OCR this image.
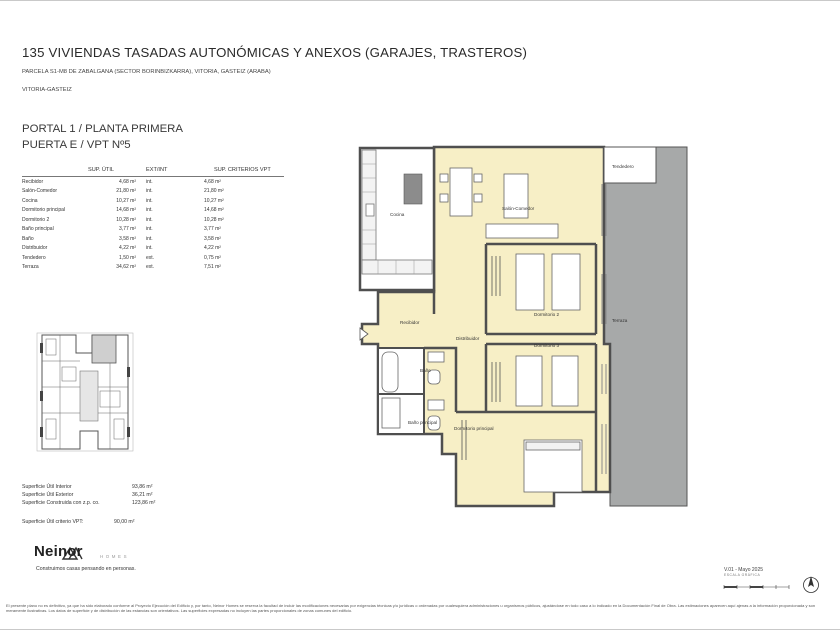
135 VIVIENDAS TASADAS AUTONÓMICAS Y ANEXOS (GARAJES, TRASTEROS)
PARCELA S1-M8 DE ZABALGANA (SECTOR BORINBIZKARRA), VITORIA, GASTEIZ (ARABA)
VITORIA-GASTEIZ
PORTAL 1 / PLANTA PRIMERA
PUERTA E / VPT Nº5
SUP. ÚTIL		EXT/INT	SUP. CRITERIOS VPT
Recibidor	4,68 m²	int.	4,68 m²
Salón-Comedor	21,80 m²	int.	21,80 m²
Cocina	10,27 m²	int.	10,27 m²
Dormitorio principal	14,68 m²	int.	14,68 m²
Dormitorio 2	10,28 m²	int.	10,28 m²
Baño principal	3,77 m²	int.	3,77 m²
Baño	3,58 m²	int.	3,58 m²
Distribuidor	4,22 m²	int.	4,22 m²
Tendedero	1,50 m²	ext.	0,75 m²
Terraza	34,62 m²	ext.	7,51 m²
Superficie Útil Interior	93,86 m²
Superficie Útil Exterior	36,21 m²
Superficie Construida con z.p. co.	123,86 m²
Superficie Útil criterio VPT:	90,00 m²
Neinor	HOMES
Construimos casas pensando en personas.
Tendedero
Salón-Comedor
Cocina
Dormitorio 2
Terraza
Recibidor
Distribuidor
Dormitorio 3
Baño
Baño principal
Dormitorio principal
V.01 - Mayo 2025
ESCALA GRÁFICA
El presente plano no es definitivo, ya que ha sido elaborado conforme al Proyecto Ejecución del Edificio y, por tanto, Neinor Homes se reserva la facultad de incluir las modificaciones necesarias por exigencias técnicas y/o jurídicas o ordenadas por cualesquiera administraciones u organismos públicos, ajustándose en todo caso a lo indicado en la Documentación Final de Obra. Las estimaciones aparecen aquí ajenas a la información proporcionada y son meramente ilustrativas. Los datos de superficie y de distribución de las estancias son orientativos. Las superficies expresadas no incluyen las partes proporcionales de zonas comunes del edificio.
